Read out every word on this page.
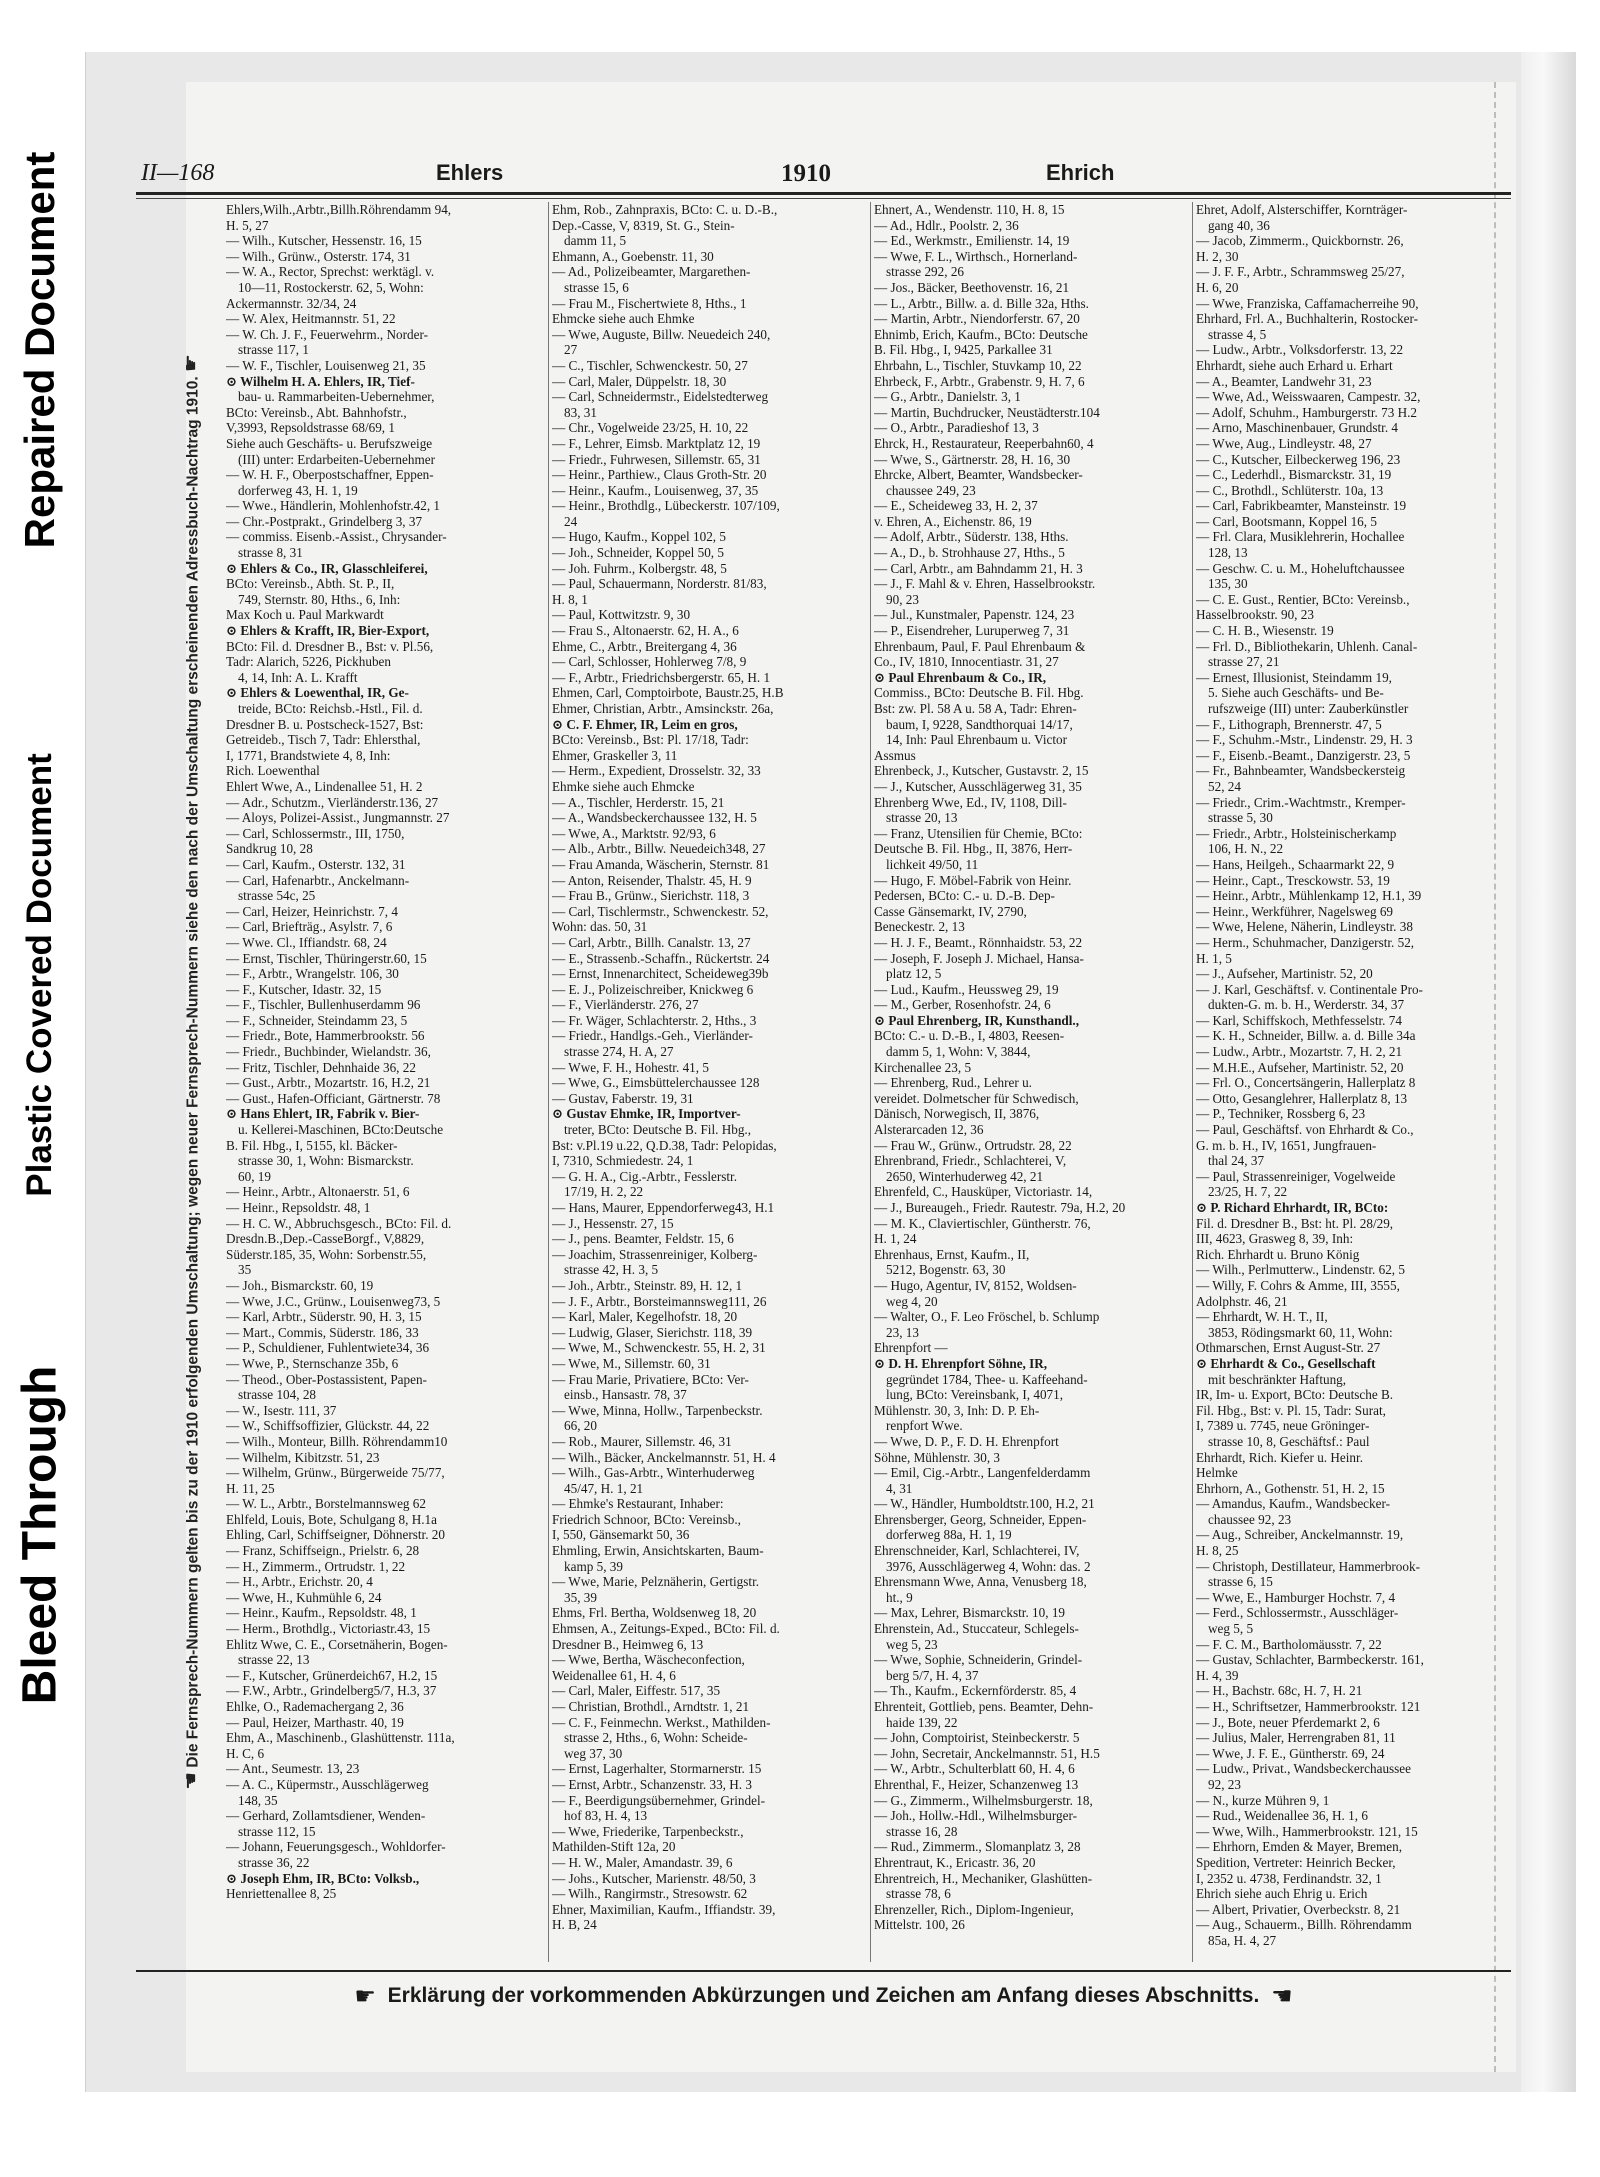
Repaired Document
Plastic Covered Document
Bleed Through
II—168	Ehlers	1910	Ehrich
☚ Die Fernsprech-Nummern gelten bis zu der 1910 erfolgenden Umschaltung; wegen neuer Fernsprech-Nummern siehe den nach der Umschaltung erscheinenden Adressbuch-Nachtrag 1910. ☛
Ehlers,Wilh.,Arbtr.,Billh.Röhrendamm 94,
H. 5, 27
— Wilh., Kutscher, Hessenstr. 16, 15
— Wilh., Grünw., Osterstr. 174, 31
— W. A., Rector, Sprechst: werktägl. v.
10—11, Rostockerstr. 62, 5, Wohn:
Ackermannstr. 32/34, 24
— W. Alex, Heitmannstr. 51, 22
— W. Ch. J. F., Feuerwehrm., Norder-
strasse 117, 1
— W. F., Tischler, Louisenweg 21, 35
⊙ Wilhelm H. A. Ehlers, IR, Tief-
bau- u. Rammarbeiten-Uebernehmer,
BCto: Vereinsb., Abt. Bahnhofstr.,
V,3993, Repsoldstrasse 68/69, 1
Siehe auch Geschäfts- u. Berufszweige
(III) unter: Erdarbeiten-Uebernehmer
— W. H. F., Oberpostschaffner, Eppen-
dorferweg 43, H. 1, 19
— Wwe., Händlerin, Mohlenhofstr.42, 1
— Chr.-Postprakt., Grindelberg 3, 37
— commiss. Eisenb.-Assist., Chrysander-
strasse 8, 31
⊙ Ehlers & Co., IR, Glasschleiferei,
BCto: Vereinsb., Abth. St. P., II,
749, Sternstr. 80, Hths., 6, Inh:
Max Koch u. Paul Markwardt
⊙ Ehlers & Krafft, IR, Bier-Export,
BCto: Fil. d. Dresdner B., Bst: v. Pl.56,
Tadr: Alarich, 5226, Pickhuben
4, 14, Inh: A. L. Krafft
⊙ Ehlers & Loewenthal, IR, Ge-
treide, BCto: Reichsb.-Hstl., Fil. d.
Dresdner B. u. Postscheck-1527, Bst:
Getreideb., Tisch 7, Tadr: Ehlersthal,
I, 1771, Brandstwiete 4, 8, Inh:
Rich. Loewenthal
Ehlert Wwe, A., Lindenallee 51, H. 2
— Adr., Schutzm., Vierländerstr.136, 27
— Aloys, Polizei-Assist., Jungmannstr. 27
— Carl, Schlossermstr., III, 1750,
Sandkrug 10, 28
— Carl, Kaufm., Osterstr. 132, 31
— Carl, Hafenarbtr., Anckelmann-
strasse 54c, 25
— Carl, Heizer, Heinrichstr. 7, 4
— Carl, Briefträg., Asylstr. 7, 6
— Wwe. Cl., Iffiandstr. 68, 24
— Ernst, Tischler, Thüringerstr.60, 15
— F., Arbtr., Wrangelstr. 106, 30
— F., Kutscher, Idastr. 32, 15
— F., Tischler, Bullenhuserdamm 96
— F., Schneider, Steindamm 23, 5
— Friedr., Bote, Hammerbrookstr. 56
— Friedr., Buchbinder, Wielandstr. 36,
— Fritz, Tischler, Dehnhaide 36, 22
— Gust., Arbtr., Mozartstr. 16, H.2, 21
— Gust., Hafen-Officiant, Gärtnerstr. 78
⊙ Hans Ehlert, IR, Fabrik v. Bier-
u. Kellerei-Maschinen, BCto:Deutsche
B. Fil. Hbg., I, 5155, kl. Bäcker-
strasse 30, 1, Wohn: Bismarckstr.
60, 19
— Heinr., Arbtr., Altonaerstr. 51, 6
— Heinr., Repsoldstr. 48, 1
— H. C. W., Abbruchsgesch., BCto: Fil. d.
Dresdn.B.,Dep.-CasseBorgf., V,8829,
Süderstr.185, 35, Wohn: Sorbenstr.55,
35
— Joh., Bismarckstr. 60, 19
— Wwe, J.C., Grünw., Louisenweg73, 5
— Karl, Arbtr., Süderstr. 90, H. 3, 15
— Mart., Commis, Süderstr. 186, 33
— P., Schuldiener, Fuhlentwiete34, 36
— Wwe, P., Sternschanze 35b, 6
— Theod., Ober-Postassistent, Papen-
strasse 104, 28
— W., Isestr. 111, 37
— W., Schiffsoffizier, Glückstr. 44, 22
— Wilh., Monteur, Billh. Röhrendamm10
— Wilhelm, Kibitzstr. 51, 23
— Wilhelm, Grünw., Bürgerweide 75/77,
H. 11, 25
— W. L., Arbtr., Borstelmannsweg 62
Ehlfeld, Louis, Bote, Schulgang 8, H.1a
Ehling, Carl, Schiffseigner, Döhnerstr. 20
— Franz, Schiffseign., Prielstr. 6, 28
— H., Zimmerm., Ortrudstr. 1, 22
— H., Arbtr., Erichstr. 20, 4
— Wwe, H., Kuhmühle 6, 24
— Heinr., Kaufm., Repsoldstr. 48, 1
— Herm., Brothdlg., Victoriastr.43, 15
Ehlitz Wwe, C. E., Corsetnäherin, Bogen-
strasse 22, 13
— F., Kutscher, Grünerdeich67, H.2, 15
— F.W., Arbtr., Grindelberg5/7, H.3, 37
Ehlke, O., Rademachergang 2, 36
— Paul, Heizer, Marthastr. 40, 19
Ehm, A., Maschinenb., Glashüttenstr. 111a,
H. C, 6
— Ant., Seumestr. 13, 23
— A. C., Küpermstr., Ausschlägerweg
148, 35
— Gerhard, Zollamtsdiener, Wenden-
strasse 112, 15
— Johann, Feuerungsgesch., Wohldorfer-
strasse 36, 22
⊙ Joseph Ehm, IR, BCto: Volksb.,
Henriettenallee 8, 25
Ehm, Rob., Zahnpraxis, BCto: C. u. D.-B.,
Dep.-Casse, V, 8319, St. G., Stein-
damm 11, 5
Ehmann, A., Goebenstr. 11, 30
— Ad., Polizeibeamter, Margarethen-
strasse 15, 6
— Frau M., Fischertwiete 8, Hths., 1
Ehmcke siehe auch Ehmke
— Wwe, Auguste, Billw. Neuedeich 240,
27
— C., Tischler, Schwenckestr. 50, 27
— Carl, Maler, Düppelstr. 18, 30
— Carl, Schneidermstr., Eidelstedterweg
83, 31
— Chr., Vogelweide 23/25, H. 10, 22
— F., Lehrer, Eimsb. Marktplatz 12, 19
— Friedr., Fuhrwesen, Sillemstr. 65, 31
— Heinr., Parthiew., Claus Groth-Str. 20
— Heinr., Kaufm., Louisenweg, 37, 35
— Heinr., Brothdlg., Lübeckerstr. 107/109,
24
— Hugo, Kaufm., Koppel 102, 5
— Joh., Schneider, Koppel 50, 5
— Joh. Fuhrm., Kolbergstr. 48, 5
— Paul, Schauermann, Norderstr. 81/83,
H. 8, 1
— Paul, Kottwitzstr. 9, 30
— Frau S., Altonaerstr. 62, H. A., 6
Ehme, C., Arbtr., Breitergang 4, 36
— Carl, Schlosser, Hohlerweg 7/8, 9
— F., Arbtr., Friedrichsbergerstr. 65, H. 1
Ehmen, Carl, Comptoirbote, Baustr.25, H.B
Ehmer, Christian, Arbtr., Amsinckstr. 26a,
⊙ C. F. Ehmer, IR, Leim en gros,
BCto: Vereinsb., Bst: Pl. 17/18, Tadr:
Ehmer, Graskeller 3, 11
— Herm., Expedient, Drosselstr. 32, 33
Ehmke siehe auch Ehmcke
— A., Tischler, Herderstr. 15, 21
— A., Wandsbeckerchaussee 132, H. 5
— Wwe, A., Marktstr. 92/93, 6
— Alb., Arbtr., Billw. Neuedeich348, 27
— Frau Amanda, Wäscherin, Sternstr. 81
— Anton, Reisender, Thalstr. 45, H. 9
— Frau B., Grünw., Sierichstr. 118, 3
— Carl, Tischlermstr., Schwenckestr. 52,
Wohn: das. 50, 31
— Carl, Arbtr., Billh. Canalstr. 13, 27
— E., Strassenb.-Schaffn., Rückertstr. 24
— Ernst, Innenarchitect, Scheideweg39b
— E. J., Polizeischreiber, Knickweg 6
— F., Vierländerstr. 276, 27
— Fr. Wäger, Schlachterstr. 2, Hths., 3
— Friedr., Handlgs.-Geh., Vierländer-
strasse 274, H. A, 27
— Wwe, F. H., Hohestr. 41, 5
— Wwe, G., Eimsbüttelerchaussee 128
— Gustav, Faberstr. 19, 31
⊙ Gustav Ehmke, IR, Importver-
treter, BCto: Deutsche B. Fil. Hbg.,
Bst: v.Pl.19 u.22, Q.D.38, Tadr: Pelopidas,
I, 7310, Schmiedestr. 24, 1
— G. H. A., Cig.-Arbtr., Fesslerstr.
17/19, H. 2, 22
— Hans, Maurer, Eppendorferweg43, H.1
— J., Hessenstr. 27, 15
— J., pens. Beamter, Feldstr. 15, 6
— Joachim, Strassenreiniger, Kolberg-
strasse 42, H. 3, 5
— Joh., Arbtr., Steinstr. 89, H. 12, 1
— J. F., Arbtr., Borsteimannsweg111, 26
— Karl, Maler, Kegelhofstr. 18, 20
— Ludwig, Glaser, Sierichstr. 118, 39
— Wwe, M., Schwenckestr. 55, H. 2, 31
— Wwe, M., Sillemstr. 60, 31
— Frau Marie, Privatiere, BCto: Ver-
einsb., Hansastr. 78, 37
— Wwe, Minna, Hollw., Tarpenbeckstr.
66, 20
— Rob., Maurer, Sillemstr. 46, 31
— Wilh., Bäcker, Anckelmannstr. 51, H. 4
— Wilh., Gas-Arbtr., Winterhuderweg
45/47, H. 1, 21
— Ehmke's Restaurant, Inhaber:
Friedrich Schnoor, BCto: Vereinsb.,
I, 550, Gänsemarkt 50, 36
Ehmling, Erwin, Ansichtskarten, Baum-
kamp 5, 39
— Wwe, Marie, Pelznäherin, Gertigstr.
35, 39
Ehms, Frl. Bertha, Woldsenweg 18, 20
Ehmsen, A., Zeitungs-Exped., BCto: Fil. d.
Dresdner B., Heimweg 6, 13
— Wwe, Bertha, Wäscheconfection,
Weidenallee 61, H. 4, 6
— Carl, Maler, Eiffestr. 517, 35
— Christian, Brothdl., Arndtstr. 1, 21
— C. F., Feinmechn. Werkst., Mathilden-
strasse 2, Hths., 6, Wohn: Scheide-
weg 37, 30
— Ernst, Lagerhalter, Stormarnerstr. 15
— Ernst, Arbtr., Schanzenstr. 33, H. 3
— F., Beerdigungsübernehmer, Grindel-
hof 83, H. 4, 13
— Wwe, Friederike, Tarpenbeckstr.,
Mathilden-Stift 12a, 20
— H. W., Maler, Amandastr. 39, 6
— Johs., Kutscher, Marienstr. 48/50, 3
— Wilh., Rangirmstr., Stresowstr. 62
Ehner, Maximilian, Kaufm., Iffiandstr. 39,
H. B, 24
Ehnert, A., Wendenstr. 110, H. 8, 15
— Ad., Hdlr., Poolstr. 2, 36
— Ed., Werkmstr., Emilienstr. 14, 19
— Wwe, F. L., Wirthsch., Hornerland-
strasse 292, 26
— Jos., Bäcker, Beethovenstr. 16, 21
— L., Arbtr., Billw. a. d. Bille 32a, Hths.
— Martin, Arbtr., Niendorferstr. 67, 20
Ehnimb, Erich, Kaufm., BCto: Deutsche
B. Fil. Hbg., I, 9425, Parkallee 31
Ehrbahn, L., Tischler, Stuvkamp 10, 22
Ehrbeck, F., Arbtr., Grabenstr. 9, H. 7, 6
— G., Arbtr., Danielstr. 3, 1
— Martin, Buchdrucker, Neustädterstr.104
— O., Arbtr., Paradieshof 13, 3
Ehrck, H., Restaurateur, Reeperbahn60, 4
— Wwe, S., Gärtnerstr. 28, H. 16, 30
Ehrcke, Albert, Beamter, Wandsbecker-
chaussee 249, 23
— E., Scheideweg 33, H. 2, 37
v. Ehren, A., Eichenstr. 86, 19
— Adolf, Arbtr., Süderstr. 138, Hths.
— A., D., b. Strohhause 27, Hths., 5
— Carl, Arbtr., am Bahndamm 21, H. 3
— J., F. Mahl & v. Ehren, Hasselbrookstr.
90, 23
— Jul., Kunstmaler, Papenstr. 124, 23
— P., Eisendreher, Luruperweg 7, 31
Ehrenbaum, Paul, F. Paul Ehrenbaum &
Co., IV, 1810, Innocentiastr. 31, 27
⊙ Paul Ehrenbaum & Co., IR,
Commiss., BCto: Deutsche B. Fil. Hbg.
Bst: zw. Pl. 58 A u. 58 A, Tadr: Ehren-
baum, I, 9228, Sandthorquai 14/17,
14, Inh: Paul Ehrenbaum u. Victor
Assmus
Ehrenbeck, J., Kutscher, Gustavstr. 2, 15
— J., Kutscher, Ausschlägerweg 31, 35
Ehrenberg Wwe, Ed., IV, 1108, Dill-
strasse 20, 13
— Franz, Utensilien für Chemie, BCto:
Deutsche B. Fil. Hbg., II, 3876, Herr-
lichkeit 49/50, 11
— Hugo, F. Möbel-Fabrik von Heinr.
Pedersen, BCto: C.- u. D.-B. Dep-
Casse Gänsemarkt, IV, 2790,
Beneckestr. 2, 13
— H. J. F., Beamt., Rönnhaidstr. 53, 22
— Joseph, F. Joseph J. Michael, Hansa-
platz 12, 5
— Lud., Kaufm., Heussweg 29, 19
— M., Gerber, Rosenhofstr. 24, 6
⊙ Paul Ehrenberg, IR, Kunsthandl.,
BCto: C.- u. D.-B., I, 4803, Reesen-
damm 5, 1, Wohn: V, 3844,
Kirchenallee 23, 5
— Ehrenberg, Rud., Lehrer u.
vereidet. Dolmetscher für Schwedisch,
Dänisch, Norwegisch, II, 3876,
Alsterarcaden 12, 36
— Frau W., Grünw., Ortrudstr. 28, 22
Ehrenbrand, Friedr., Schlachterei, V,
2650, Winterhuderweg 42, 21
Ehrenfeld, C., Hausküper, Victoriastr. 14,
— J., Bureaugeh., Friedr. Rautestr. 79a, H.2, 20
— M. K., Claviertischler, Güntherstr. 76,
H. 1, 24
Ehrenhaus, Ernst, Kaufm., II,
5212, Bogenstr. 63, 30
— Hugo, Agentur, IV, 8152, Woldsen-
weg 4, 20
— Walter, O., F. Leo Fröschel, b. Schlump
23, 13
Ehrenpfort —
⊙ D. H. Ehrenpfort Söhne, IR,
gegründet 1784, Thee- u. Kaffeehand-
lung, BCto: Vereinsbank, I, 4071,
Mühlenstr. 30, 3, Inh: D. P. Eh-
renpfort Wwe.
— Wwe, D. P., F. D. H. Ehrenpfort
Söhne, Mühlenstr. 30, 3
— Emil, Cig.-Arbtr., Langenfelderdamm
4, 31
— W., Händler, Humboldtstr.100, H.2, 21
Ehrensberger, Georg, Schneider, Eppen-
dorferweg 88a, H. 1, 19
Ehrenschneider, Karl, Schlachterei, IV,
3976, Ausschlägerweg 4, Wohn: das. 2
Ehrensmann Wwe, Anna, Venusberg 18,
ht., 9
— Max, Lehrer, Bismarckstr. 10, 19
Ehrenstein, Ad., Stuccateur, Schlegels-
weg 5, 23
— Wwe, Sophie, Schneiderin, Grindel-
berg 5/7, H. 4, 37
— Th., Kaufm., Eckernförderstr. 85, 4
Ehrenteit, Gottlieb, pens. Beamter, Dehn-
haide 139, 22
— John, Comptoirist, Steinbeckerstr. 5
— John, Secretair, Anckelmannstr. 51, H.5
— W., Arbtr., Schulterblatt 60, H. 4, 6
Ehrenthal, F., Heizer, Schanzenweg 13
— G., Zimmerm., Wilhelmsburgerstr. 18,
— Joh., Hollw.-Hdl., Wilhelmsburger-
strasse 16, 28
— Rud., Zimmerm., Slomanplatz 3, 28
Ehrentraut, K., Ericastr. 36, 20
Ehrentreich, H., Mechaniker, Glashütten-
strasse 78, 6
Ehrenzeller, Rich., Diplom-Ingenieur,
Mittelstr. 100, 26
Ehret, Adolf, Alsterschiffer, Kornträger-
gang 40, 36
— Jacob, Zimmerm., Quickbornstr. 26,
H. 2, 30
— J. F. F., Arbtr., Schrammsweg 25/27,
H. 6, 20
— Wwe, Franziska, Caffamacherreihe 90,
Ehrhard, Frl. A., Buchhalterin, Rostocker-
strasse 4, 5
— Ludw., Arbtr., Volksdorferstr. 13, 22
Ehrhardt, siehe auch Erhard u. Erhart
— A., Beamter, Landwehr 31, 23
— Wwe, Ad., Weisswaaren, Campestr. 32,
— Adolf, Schuhm., Hamburgerstr. 73 H.2
— Arno, Maschinenbauer, Grundstr. 4
— Wwe, Aug., Lindleystr. 48, 27
— C., Kutscher, Eilbeckerweg 196, 23
— C., Lederhdl., Bismarckstr. 31, 19
— C., Brothdl., Schlüterstr. 10a, 13
— Carl, Fabrikbeamter, Mansteinstr. 19
— Carl, Bootsmann, Koppel 16, 5
— Frl. Clara, Musiklehrerin, Hochallee
128, 13
— Geschw. C. u. M., Hoheluftchaussee
135, 30
— C. E. Gust., Rentier, BCto: Vereinsb.,
Hasselbrookstr. 90, 23
— C. H. B., Wiesenstr. 19
— Frl. D., Bibliothekarin, Uhlenh. Canal-
strasse 27, 21
— Ernest, Illusionist, Steindamm 19,
5. Siehe auch Geschäfts- und Be-
rufszweige (III) unter: Zauberkünstler
— F., Lithograph, Brennerstr. 47, 5
— F., Schuhm.-Mstr., Lindenstr. 29, H. 3
— F., Eisenb.-Beamt., Danzigerstr. 23, 5
— Fr., Bahnbeamter, Wandsbeckersteig
52, 24
— Friedr., Crim.-Wachtmstr., Kremper-
strasse 5, 30
— Friedr., Arbtr., Holsteinischerkamp
106, H. N., 22
— Hans, Heilgeh., Schaarmarkt 22, 9
— Heinr., Capt., Tresckowstr. 53, 19
— Heinr., Arbtr., Mühlenkamp 12, H.1, 39
— Heinr., Werkführer, Nagelsweg 69
— Wwe, Helene, Näherin, Lindleystr. 38
— Herm., Schuhmacher, Danzigerstr. 52,
H. 1, 5
— J., Aufseher, Martinistr. 52, 20
— J. Karl, Geschäftsf. v. Continentale Pro-
dukten-G. m. b. H., Werderstr. 34, 37
— Karl, Schiffskoch, Methfesselstr. 74
— K. H., Schneider, Billw. a. d. Bille 34a
— Ludw., Arbtr., Mozartstr. 7, H. 2, 21
— M.H.E., Aufseher, Martinistr. 52, 20
— Frl. O., Concertsängerin, Hallerplatz 8
— Otto, Gesanglehrer, Hallerplatz 8, 13
— P., Techniker, Rossberg 6, 23
— Paul, Geschäftsf. von Ehrhardt & Co.,
G. m. b. H., IV, 1651, Jungfrauen-
thal 24, 37
— Paul, Strassenreiniger, Vogelweide
23/25, H. 7, 22
⊙ P. Richard Ehrhardt, IR, BCto:
Fil. d. Dresdner B., Bst: ht. Pl. 28/29,
III, 4623, Grasweg 8, 39, Inh:
Rich. Ehrhardt u. Bruno König
— Wilh., Perlmutterw., Lindenstr. 62, 5
— Willy, F. Cohrs & Amme, III, 3555,
Adolphstr. 46, 21
— Ehrhardt, W. H. T., II,
3853, Rödingsmarkt 60, 11, Wohn:
Othmarschen, Ernst August-Str. 27
⊙ Ehrhardt & Co., Gesellschaft
mit beschränkter Haftung,
IR, Im- u. Export, BCto: Deutsche B.
Fil. Hbg., Bst: v. Pl. 15, Tadr: Surat,
I, 7389 u. 7745, neue Gröninger-
strasse 10, 8, Geschäftsf.: Paul
Ehrhardt, Rich. Kiefer u. Heinr.
Helmke
Ehrhorn, A., Gothenstr. 51, H. 2, 15
— Amandus, Kaufm., Wandsbecker-
chaussee 92, 23
— Aug., Schreiber, Anckelmannstr. 19,
H. 8, 25
— Christoph, Destillateur, Hammerbrook-
strasse 6, 15
— Wwe, E., Hamburger Hochstr. 7, 4
— Ferd., Schlossermstr., Ausschläger-
weg 5, 5
— F. C. M., Bartholomäusstr. 7, 22
— Gustav, Schlachter, Barmbeckerstr. 161,
H. 4, 39
— H., Bachstr. 68c, H. 7, H. 21
— H., Schriftsetzer, Hammerbrookstr. 121
— J., Bote, neuer Pferdemarkt 2, 6
— Julius, Maler, Herrengraben 81, 11
— Wwe, J. F. E., Güntherstr. 69, 24
— Ludw., Privat., Wandsbeckerchaussee
92, 23
— N., kurze Mühren 9, 1
— Rud., Weidenallee 36, H. 1, 6
— Wwe, Wilh., Hammerbrookstr. 121, 15
— Ehrhorn, Emden & Mayer, Bremen,
Spedition, Vertreter: Heinrich Becker,
I, 2352 u. 4738, Ferdinandstr. 32, 1
Ehrich siehe auch Ehrig u. Erich
— Albert, Privatier, Overbeckstr. 8, 21
— Aug., Schauerm., Billh. Röhrendamm
85a, H. 4, 27
☛ Erklärung der vorkommenden Abkürzungen und Zeichen am Anfang dieses Abschnitts. ☚
